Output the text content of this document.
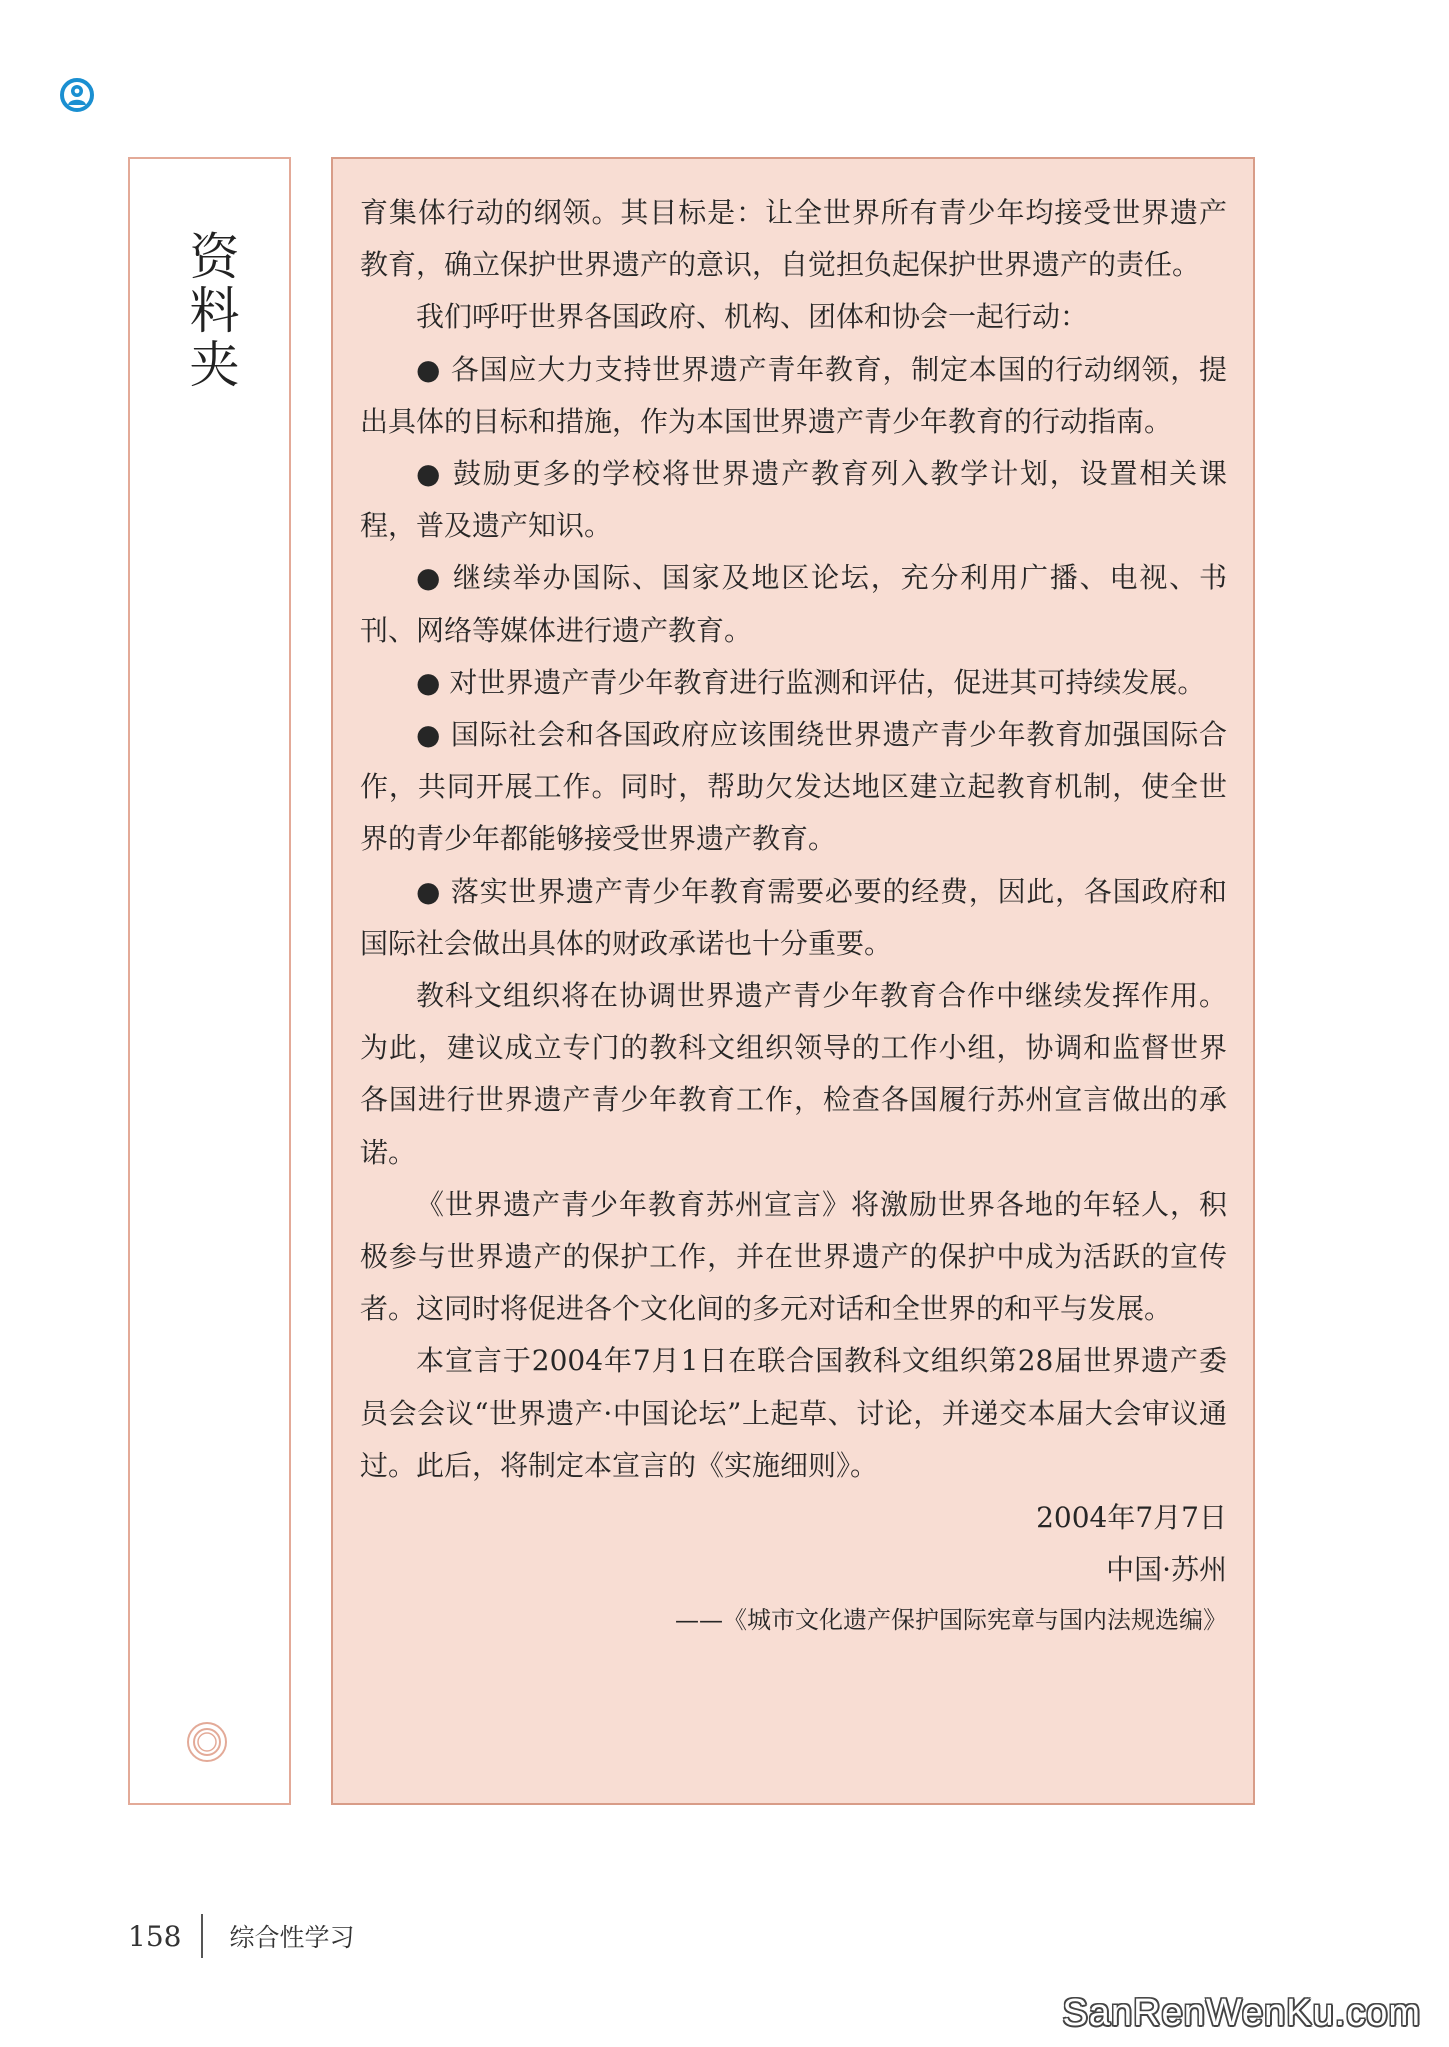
资料夹

育集体行动的纲领。其目标是：让全世界所有青少年均接受世界遗产教育，确立保护世界遗产的意识，自觉担负起保护世界遗产的责任。

我们呼吁世界各国政府、机构、团体和协会一起行动：

● 各国应大力支持世界遗产青年教育，制定本国的行动纲领，提出具体的目标和措施，作为本国世界遗产青少年教育的行动指南。

● 鼓励更多的学校将世界遗产教育列入教学计划，设置相关课程，普及遗产知识。

● 继续举办国际、国家及地区论坛，充分利用广播、电视、书刊、网络等媒体进行遗产教育。

● 对世界遗产青少年教育进行监测和评估，促进其可持续发展。

● 国际社会和各国政府应该围绕世界遗产青少年教育加强国际合作，共同开展工作。同时，帮助欠发达地区建立起教育机制，使全世界的青少年都能够接受世界遗产教育。

● 落实世界遗产青少年教育需要必要的经费，因此，各国政府和国际社会做出具体的财政承诺也十分重要。

教科文组织将在协调世界遗产青少年教育合作中继续发挥作用。为此，建议成立专门的教科文组织领导的工作小组，协调和监督世界各国进行世界遗产青少年教育工作，检查各国履行苏州宣言做出的承诺。

《世界遗产青少年教育苏州宣言》将激励世界各地的年轻人，积极参与世界遗产的保护工作，并在世界遗产的保护中成为活跃的宣传者。这同时将促进各个文化间的多元对话和全世界的和平与发展。

本宣言于2004年7月1日在联合国教科文组织第28届世界遗产委员会会议“世界遗产·中国论坛”上起草、讨论，并递交本届大会审议通过。此后，将制定本宣言的《实施细则》。

2004年7月7日

中国·苏州

——《城市文化遗产保护国际宪章与国内法规选编》

158 综合性学习
SanRenWenKu.com
